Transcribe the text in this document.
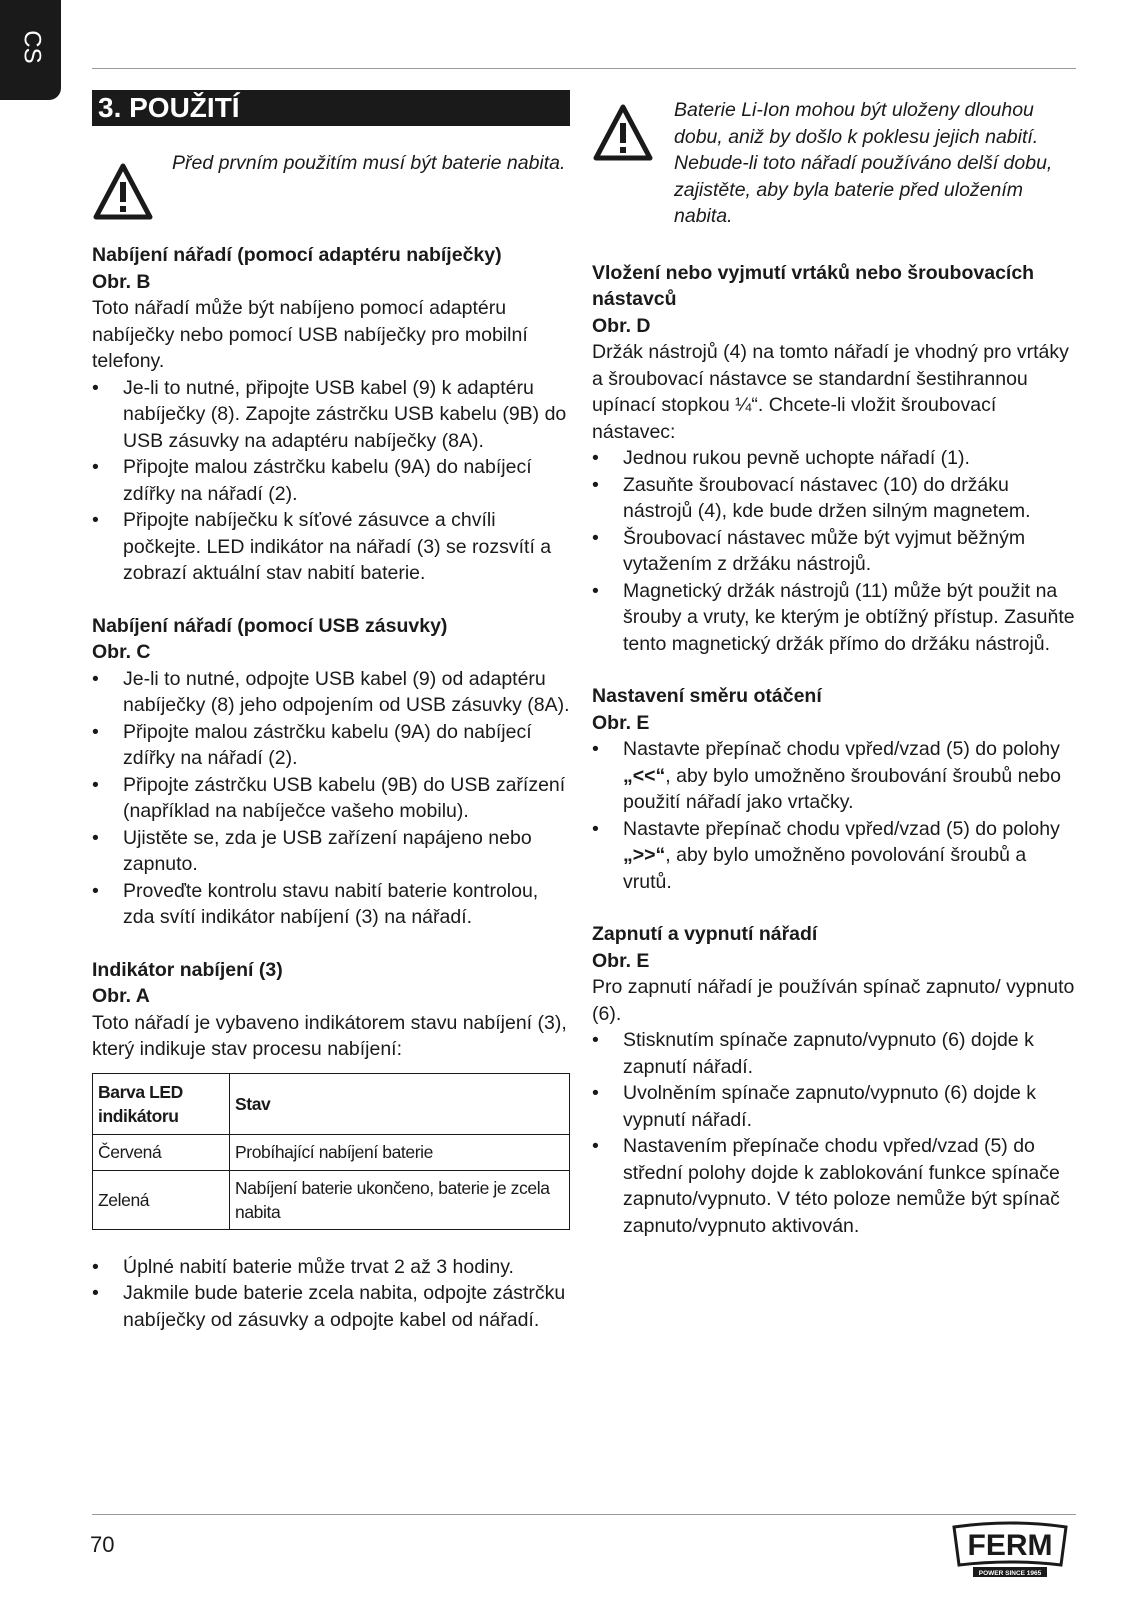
CS
3. POUŽITÍ

Před prvním použitím musí být baterie nabita.

Nabíjení nářadí (pomocí adaptéru nabíječky)
Obr. B

Toto nářadí může být nabíjeno pomocí adaptéru nabíječky nebo pomocí USB nabíječky pro mobilní telefony.

• Je-li to nutné, připojte USB kabel (9) k adaptéru nabíječky (8). Zapojte zástrčku USB kabelu (9B) do USB zásuvky na adaptéru nabíječky (8A).
• Připojte malou zástrčku kabelu (9A) do nabíjecí zdířky na nářadí (2).
• Připojte nabíječku k síťové zásuvce a chvíli počkejte. LED indikátor na nářadí (3) se rozsvítí a zobrazí aktuální stav nabití baterie.
Nabíjení nářadí (pomocí USB zásuvky)
Obr. C
• Je-li to nutné, odpojte USB kabel (9) od adaptéru nabíječky (8) jeho odpojením od USB zásuvky (8A).
• Připojte malou zástrčku kabelu (9A) do nabíjecí zdířky na nářadí (2).
• Připojte zástrčku USB kabelu (9B) do USB zařízení (například na nabíječce vašeho mobilu).
• Ujistěte se, zda je USB zařízení napájeno nebo zapnuto.
• Proveďte kontrolu stavu nabití baterie kontrolou, zda svítí indikátor nabíjení (3) na nářadí.
Indikátor nabíjení (3)
Obr. A

Toto nářadí je vybaveno indikátorem stavu nabíjení (3), který indikuje stav procesu nabíjení:

Barva LED indikátoru	Stav
Červená	Probíhající nabíjení baterie
Zelená	Nabíjení baterie ukončeno, baterie je zcela nabita
• Úplné nabití baterie může trvat 2 až 3 hodiny.
• Jakmile bude baterie zcela nabita, odpojte zástrčku nabíječky od zásuvky a odpojte kabel od nářadí.

Baterie Li-Ion mohou být uloženy dlouhou dobu, aniž by došlo k poklesu jejich nabití. Nebude-li toto nářadí používáno delší dobu, zajistěte, aby byla baterie před uložením nabita.

Vložení nebo vyjmutí vrtáků nebo šroubovacích nástavců
Obr. D

Držák nástrojů (4) na tomto nářadí je vhodný pro vrtáky a šroubovací nástavce se standardní šestihrannou upínací stopkou ¼“. Chcete-li vložit šroubovací nástavec:

• Jednou rukou pevně uchopte nářadí (1).
• Zasuňte šroubovací nástavec (10) do držáku nástrojů (4), kde bude držen silným magnetem.
• Šroubovací nástavec může být vyjmut běžným vytažením z držáku nástrojů.
• Magnetický držák nástrojů (11) může být použit na šrouby a vruty, ke kterým je obtížný přístup. Zasuňte tento magnetický držák přímo do držáku nástrojů.
Nastavení směru otáčení
Obr. E
• Nastavte přepínač chodu vpřed/vzad (5) do polohy „<<“, aby bylo umožněno šroubování šroubů nebo použití nářadí jako vrtačky.
• Nastavte přepínač chodu vpřed/vzad (5) do polohy „>>“, aby bylo umožněno povolování šroubů a vrutů.
Zapnutí a vypnutí nářadí
Obr. E

Pro zapnutí nářadí je používán spínač zapnuto/ vypnuto (6).

• Stisknutím spínače zapnuto/vypnuto (6) dojde k zapnutí nářadí.
• Uvolněním spínače zapnuto/vypnuto (6) dojde k vypnutí nářadí.
• Nastavením přepínače chodu vpřed/vzad (5) do střední polohy dojde k zablokování funkce spínače zapnuto/vypnuto. V této poloze nemůže být spínač zapnuto/vypnuto aktivován.
70	FERM
POWER SINCE 1965
